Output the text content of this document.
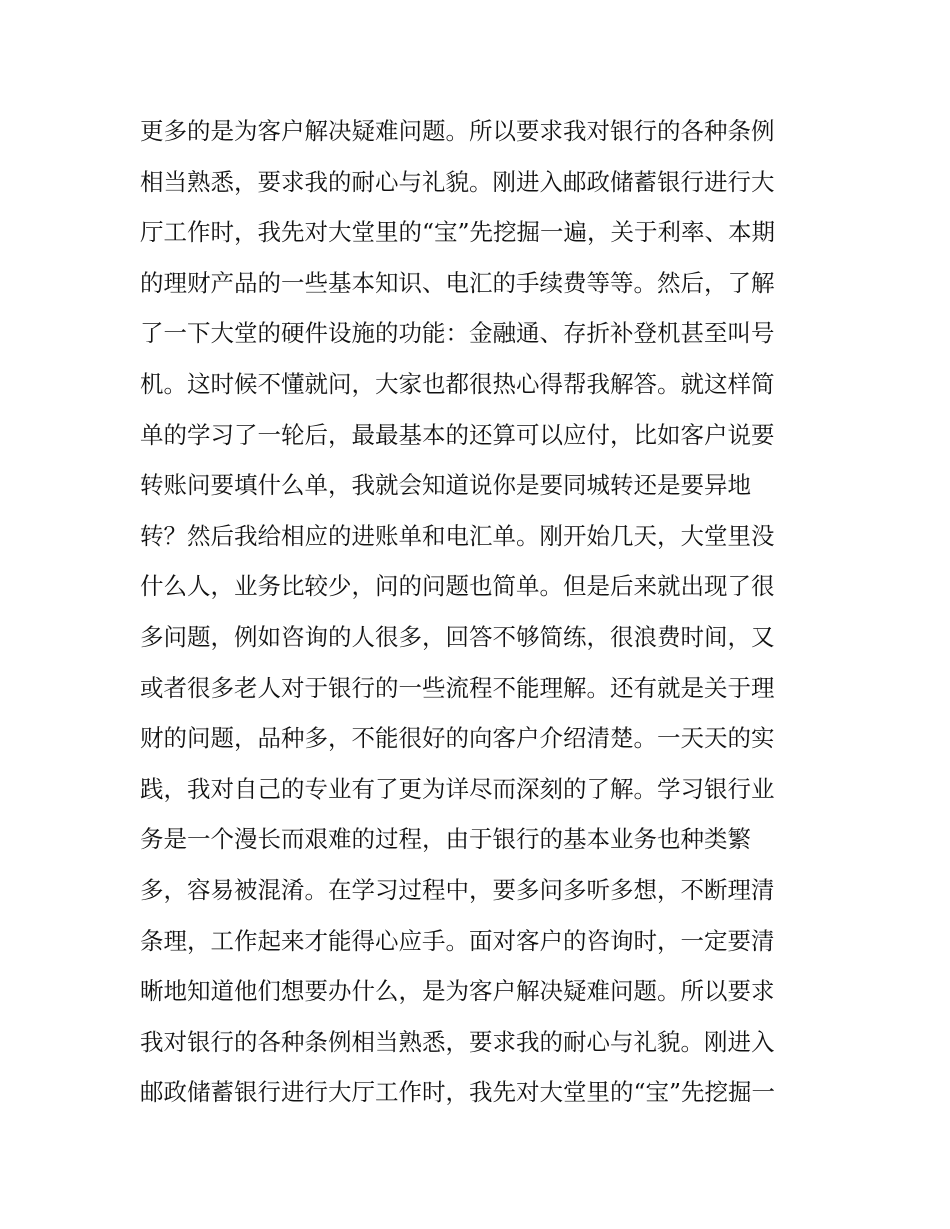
更多的是为客户解决疑难问题。所以要求我对银行的各种条例
相当熟悉，要求我的耐心与礼貌。刚进入邮政储蓄银行进行大
厅工作时，我先对大堂里的“宝”先挖掘一遍，关于利率、本期
的理财产品的一些基本知识、电汇的手续费等等。然后，了解
了一下大堂的硬件设施的功能：金融通、存折补登机甚至叫号
机。这时候不懂就问，大家也都很热心得帮我解答。就这样简
单的学习了一轮后，最最基本的还算可以应付，比如客户说要
转账问要填什么单，我就会知道说你是要同城转还是要异地
转？然后我给相应的进账单和电汇单。刚开始几天，大堂里没
什么人，业务比较少，问的问题也简单。但是后来就出现了很
多问题，例如咨询的人很多，回答不够简练，很浪费时间，又
或者很多老人对于银行的一些流程不能理解。还有就是关于理
财的问题，品种多，不能很好的向客户介绍清楚。一天天的实
践，我对自己的专业有了更为详尽而深刻的了解。学习银行业
务是一个漫长而艰难的过程，由于银行的基本业务也种类繁
多，容易被混淆。在学习过程中，要多问多听多想，不断理清
条理，工作起来才能得心应手。面对客户的咨询时，一定要清
晰地知道他们想要办什么，是为客户解决疑难问题。所以要求
我对银行的各种条例相当熟悉，要求我的耐心与礼貌。刚进入
邮政储蓄银行进行大厅工作时，我先对大堂里的“宝”先挖掘一
